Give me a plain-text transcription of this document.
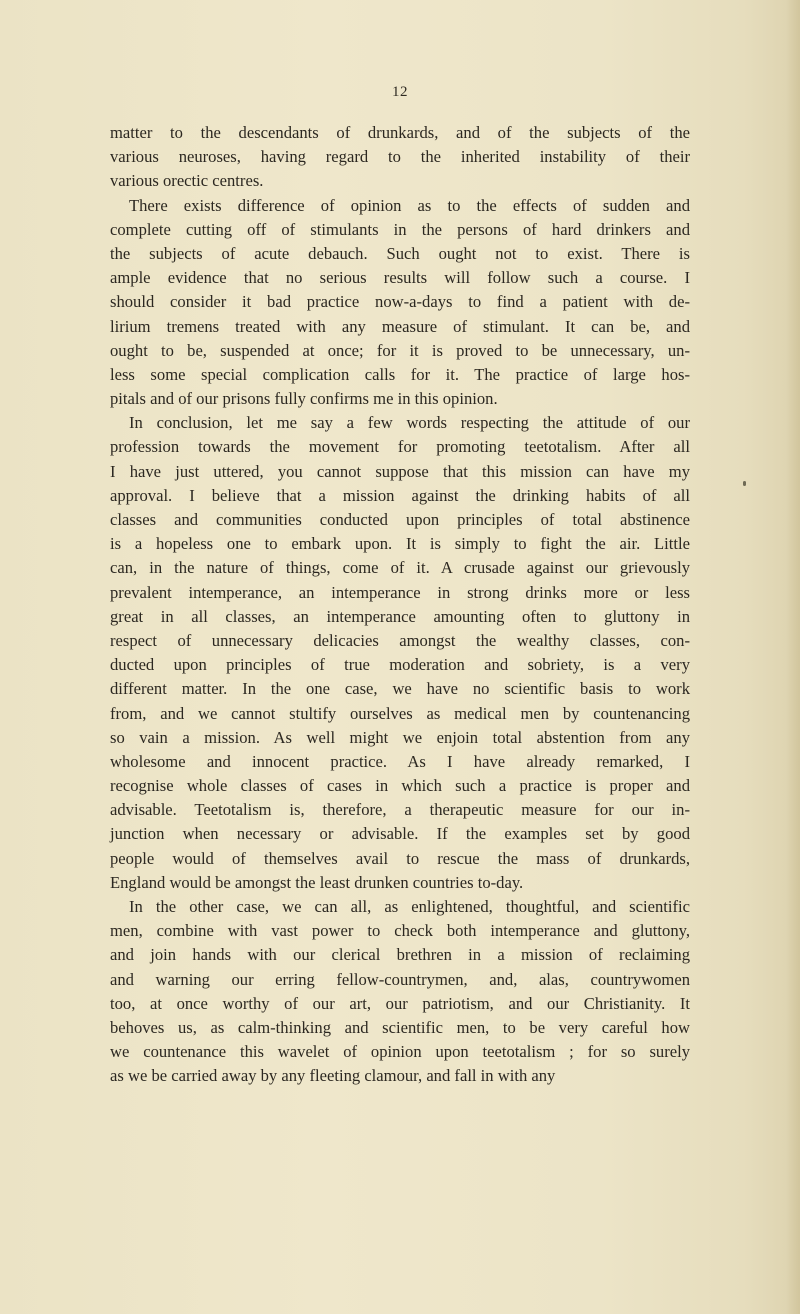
12
matter to the descendants of drunkards, and of the subjects of the
various neuroses, having regard to the inherited instability of their
various orectic centres.
There exists difference of opinion as to the effects of sudden and
complete cutting off of stimulants in the persons of hard drinkers and
the subjects of acute debauch. Such ought not to exist. There is
ample evidence that no serious results will follow such a course. I
should consider it bad practice now-a-days to find a patient with de-
lirium tremens treated with any measure of stimulant. It can be, and
ought to be, suspended at once; for it is proved to be unnecessary, un-
less some special complication calls for it. The practice of large hos-
pitals and of our prisons fully confirms me in this opinion.
In conclusion, let me say a few words respecting the attitude of our
profession towards the movement for promoting teetotalism. After all
I have just uttered, you cannot suppose that this mission can have my
approval. I believe that a mission against the drinking habits of all
classes and communities conducted upon principles of total abstinence
is a hopeless one to embark upon. It is simply to fight the air. Little
can, in the nature of things, come of it. A crusade against our grievously
prevalent intemperance, an intemperance in strong drinks more or less
great in all classes, an intemperance amounting often to gluttony in
respect of unnecessary delicacies amongst the wealthy classes, con-
ducted upon principles of true moderation and sobriety, is a very
different matter. In the one case, we have no scientific basis to work
from, and we cannot stultify ourselves as medical men by countenancing
so vain a mission. As well might we enjoin total abstention from any
wholesome and innocent practice. As I have already remarked, I
recognise whole classes of cases in which such a practice is proper and
advisable. Teetotalism is, therefore, a therapeutic measure for our in-
junction when necessary or advisable. If the examples set by good
people would of themselves avail to rescue the mass of drunkards,
England would be amongst the least drunken countries to-day.
In the other case, we can all, as enlightened, thoughtful, and scientific
men, combine with vast power to check both intemperance and gluttony,
and join hands with our clerical brethren in a mission of reclaiming
and warning our erring fellow-countrymen, and, alas, countrywomen
too, at once worthy of our art, our patriotism, and our Christianity. It
behoves us, as calm-thinking and scientific men, to be very careful how
we countenance this wavelet of opinion upon teetotalism ; for so surely
as we be carried away by any fleeting clamour, and fall in with any
